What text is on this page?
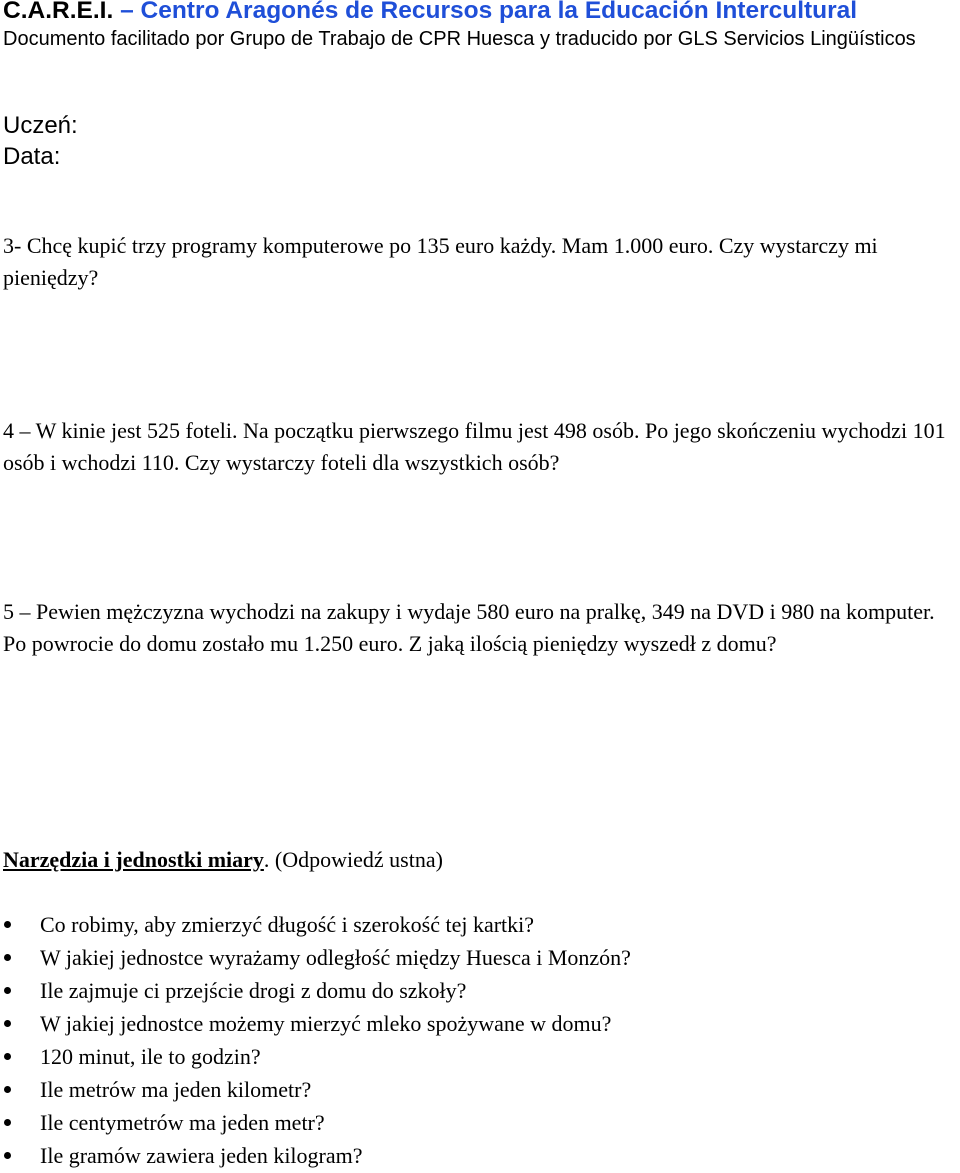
C.A.R.E.I. – Centro Aragonés de Recursos para la Educación Intercultural
Documento facilitado por Grupo de Trabajo de CPR Huesca y traducido por GLS Servicios Lingüísticos
Uczeń:
Data:
3- Chcę kupić trzy programy komputerowe po 135 euro każdy. Mam 1.000 euro. Czy wystarczy mi pieniędzy?
4 – W kinie jest 525 foteli. Na początku pierwszego filmu jest 498 osób. Po jego skończeniu wychodzi 101 osób i wchodzi 110. Czy wystarczy foteli dla wszystkich osób?
5 – Pewien mężczyzna wychodzi na zakupy i wydaje 580 euro na pralkę, 349 na DVD i 980 na komputer. Po powrocie do domu zostało mu 1.250 euro. Z jaką ilością pieniędzy wyszedł z domu?
Narzędzia i jednostki miary. (Odpowiedź ustna)
Co robimy, aby zmierzyć długość i szerokość tej kartki?
W jakiej jednostce wyrażamy odległość między Huesca i Monzón?
Ile zajmuje ci przejście drogi z domu do szkoły?
W jakiej jednostce możemy mierzyć mleko spożywane w domu?
120 minut, ile to godzin?
Ile metrów ma jeden kilometr?
Ile centymetrów ma jeden metr?
Ile gramów zawiera jeden kilogram?
